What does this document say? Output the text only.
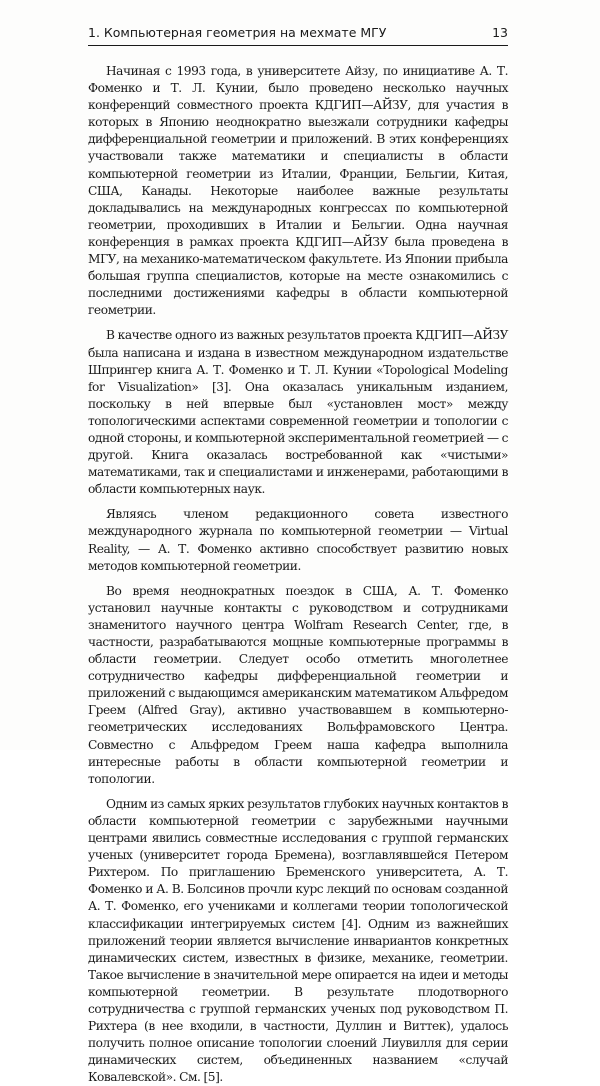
1. Компьютерная геометрия на мехмате МГУ	13

Начиная с 1993 года, в университете Айзу, по инициативе А. Т. Фоменко и Т. Л. Кунии, было проведено несколько научных конференций совместного проекта КДГИП—АЙЗУ, для участия в которых в Японию неоднократно выезжали сотрудники кафедры дифференциальной геометрии и приложений. В этих конференциях участвовали также математики и специалисты в области компьютерной геометрии из Италии, Франции, Бельгии, Китая, США, Канады. Некоторые наиболее важные результаты докладывались на международных конгрессах по компьютерной геометрии, проходивших в Италии и Бельгии. Одна научная конференция в рамках проекта КДГИП—АЙЗУ была проведена в МГУ, на механико-математическом факультете. Из Японии прибыла большая группа специалистов, которые на месте ознакомились с последними достижениями кафедры в области компьютерной геометрии.

В качестве одного из важных результатов проекта КДГИП—АЙЗУ была написана и издана в известном международном издательстве Шпрингер книга А. Т. Фоменко и Т. Л. Кунии «Topological Modeling for Visualization» [3]. Она оказалась уникальным изданием, поскольку в ней впервые был «установлен мост» между топологическими аспектами современной геометрии и топологии с одной стороны, и компьютерной экспериментальной геометрией — с другой. Книга оказалась востребованной как «чистыми» математиками, так и специалистами и инженерами, работающими в области компьютерных наук.

Являясь членом редакционного совета известного международного журнала по компьютерной геометрии — Virtual Reality, — А. Т. Фоменко активно способствует развитию новых методов компьютерной геометрии.

Во время неоднократных поездок в США, А. Т. Фоменко установил научные контакты с руководством и сотрудниками знаменитого научного центра Wolfram Research Center, где, в частности, разрабатываются мощные компьютерные программы в области геометрии. Следует особо отметить многолетнее сотрудничество кафедры дифференциальной геометрии и приложений с выдающимся американским математиком Альфредом Греем (Alfred Gray), активно участвовавшем в компьютерно-геометрических исследованиях Вольфрамовского Центра. Совместно с Альфредом Греем наша кафедра выполнила интересные работы в области компьютерной геометрии и топологии.

Одним из самых ярких результатов глубоких научных контактов в области компьютерной геометрии с зарубежными научными центрами явились совместные исследования с группой германских ученых (университет города Бремена), возглавлявшейся Петером Рихтером. По приглашению Бременского университета, А. Т. Фоменко и А. В. Болсинов прочли курс лекций по основам созданной А. Т. Фоменко, его учениками и коллегами теории топологической классификации интегрируемых систем [4]. Одним из важнейших приложений теории является вычисление инвариантов конкретных динамических систем, известных в физике, механике, геометрии. Такое вычисление в значительной мере опирается на идеи и методы компьютерной геометрии. В результате плодотворного сотрудничества с группой германских ученых под руководством П. Рихтера (в нее входили, в частности, Дуллин и Виттек), удалось получить полное описание топологии слоений Лиувилля для серии динамических систем, объединенных названием «случай Ковалевской». См. [5].
